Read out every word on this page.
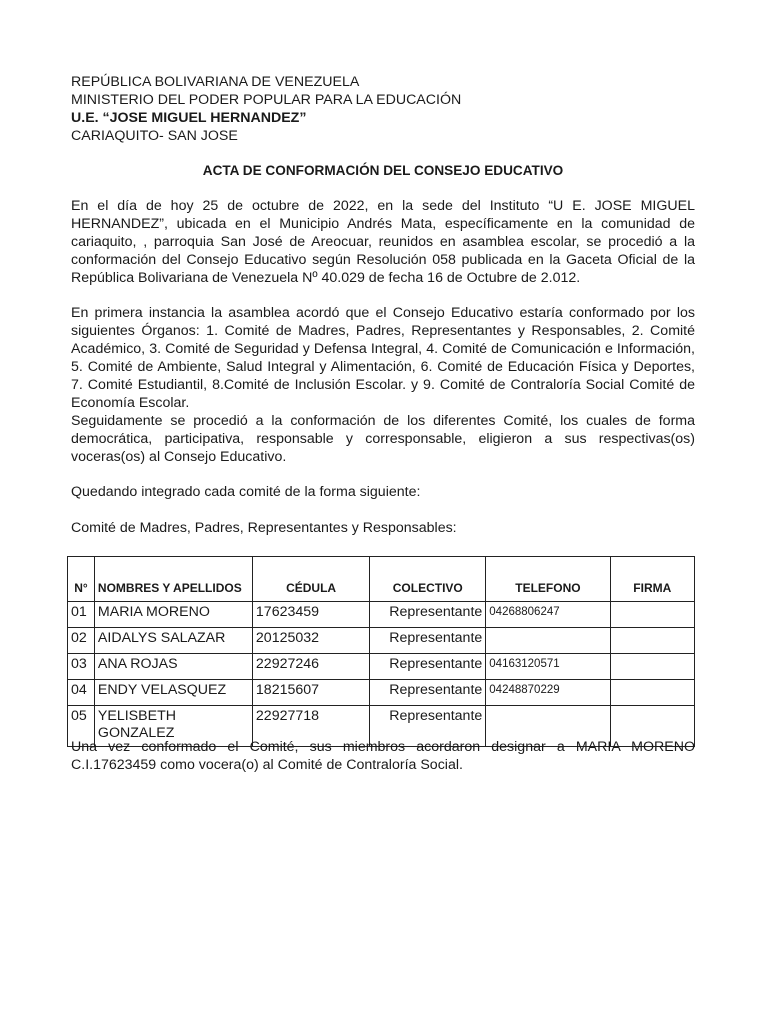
REPÚBLICA BOLIVARIANA DE VENEZUELA

MINISTERIO DEL PODER POPULAR PARA LA EDUCACIÓN

U.E. “JOSE MIGUEL HERNANDEZ”

CARIAQUITO- SAN JOSE

ACTA DE CONFORMACIÓN DEL CONSEJO EDUCATIVO

En el día de hoy 25 de octubre de 2022, en la sede del Instituto “U E. JOSE MIGUEL HERNANDEZ”, ubicada en el Municipio Andrés Mata, específicamente en la comunidad de cariaquito, , parroquia San José de Areocuar, reunidos en asamblea escolar, se procedió a la conformación del Consejo Educativo según Resolución 058 publicada en la Gaceta Oficial de la República Bolivariana de Venezuela Nº 40.029 de fecha 16 de Octubre de 2.012.

En primera instancia la asamblea acordó que el Consejo Educativo estaría conformado por los siguientes Órganos: 1. Comité de Madres, Padres, Representantes y Responsables, 2. Comité Académico, 3. Comité de Seguridad y Defensa Integral, 4. Comité de Comunicación e Información, 5. Comité de Ambiente, Salud Integral y Alimentación, 6. Comité de Educación Física y Deportes, 7. Comité Estudiantil, 8.Comité de Inclusión Escolar. y 9. Comité de Contraloría Social Comité de Economía Escolar.

Seguidamente se procedió a la conformación de los diferentes Comité, los cuales de forma democrática, participativa, responsable y corresponsable, eligieron a sus respectivas(os) voceras(os) al Consejo Educativo.

Quedando integrado cada comité de la forma siguiente:

Comité de Madres, Padres, Representantes y Responsables:

N°	NOMBRES Y APELLIDOS	CÉDULA	COLECTIVO	TELEFONO	FIRMA
01	MARIA MORENO	17623459	Representante	04268806247	
02	AIDALYS SALAZAR	20125032	Representante		
03	ANA ROJAS	22927246	Representante	04163120571	
04	ENDY VELASQUEZ	18215607	Representante	04248870229	
05	YELISBETH GONZALEZ	22927718	Representante		

Una vez conformado el Comité, sus miembros acordaron designar a MARIA MORENO C.I.17623459 como vocera(o) al Comité de Contraloría Social.
